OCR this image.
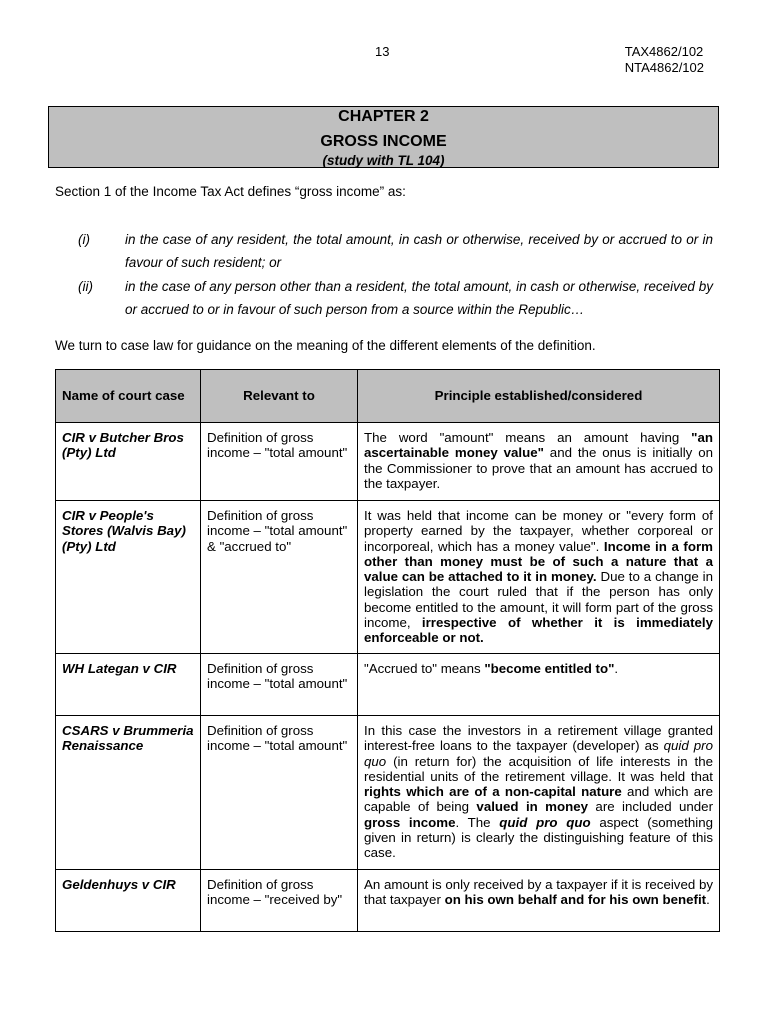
13	TAX4862/102
NTA4862/102
CHAPTER 2
GROSS INCOME
(study with TL 104)
Section 1 of the Income Tax Act defines “gross income” as:
(i)	in the case of any resident, the total amount, in cash or otherwise, received by or accrued to or in favour of such resident; or
(ii) in the case of any person other than a resident, the total amount, in cash or otherwise, received by or accrued to or in favour of such person from a source within the Republic…
We turn to case law for guidance on the meaning of the different elements of the definition.
Name of court case	Relevant to	Principle established/considered
CIR v Butcher Bros (Pty) Ltd	Definition of gross income – "total amount"	The word "amount" means an amount having "an ascertainable money value" and the onus is initially on the Commissioner to prove that an amount has accrued to the taxpayer.
CIR v People's Stores (Walvis Bay) (Pty) Ltd	Definition of gross income – "total amount" & "accrued to"	It was held that income can be money or "every form of property earned by the taxpayer, whether corporeal or incorporeal, which has a money value". Income in a form other than money must be of such a nature that a value can be attached to it in money. Due to a change in legislation the court ruled that if the person has only become entitled to the amount, it will form part of the gross income, irrespective of whether it is immediately enforceable or not.
WH Lategan v CIR	Definition of gross income – "total amount"	"Accrued to" means "become entitled to".
CSARS v Brummeria Renaissance	Definition of gross income – "total amount"	In this case the investors in a retirement village granted interest-free loans to the taxpayer (developer) as quid pro quo (in return for) the acquisition of life interests in the residential units of the retirement village. It was held that rights which are of a non-capital nature and which are capable of being valued in money are included under gross income. The quid pro quo aspect (something given in return) is clearly the distinguishing feature of this case.
Geldenhuys v CIR	Definition of gross income – "received by"	An amount is only received by a taxpayer if it is received by that taxpayer on his own behalf and for his own benefit.
